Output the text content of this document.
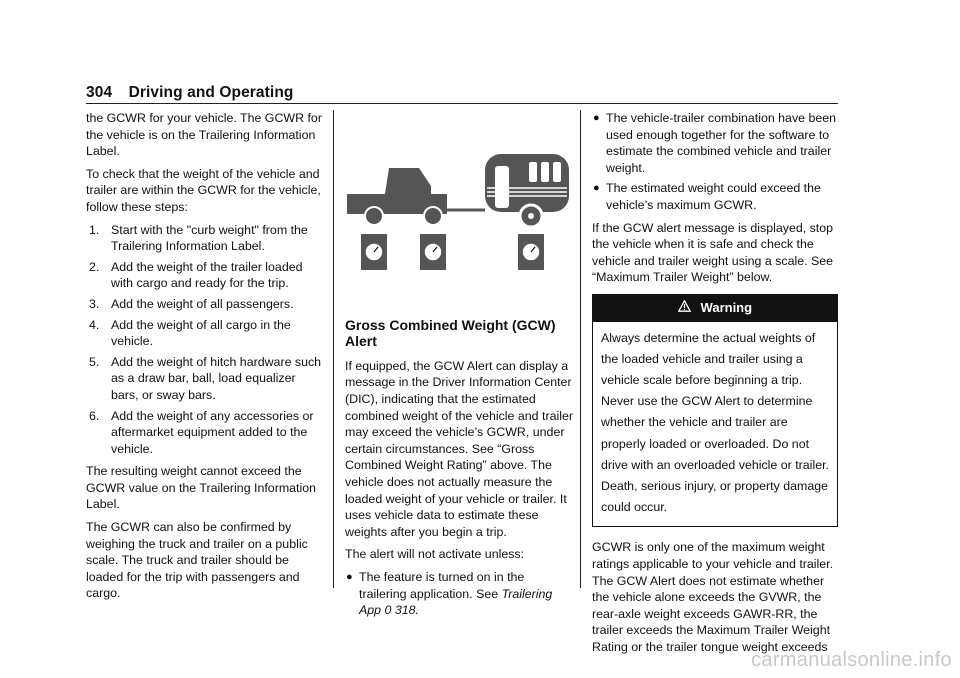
304 Driving and Operating

the GCWR for your vehicle. The GCWR for the vehicle is on the Trailering Information Label.

To check that the weight of the vehicle and trailer are within the GCWR for the vehicle, follow these steps:

1. Start with the "curb weight" from the Trailering Information Label.
2. Add the weight of the trailer loaded with cargo and ready for the trip.
3. Add the weight of all passengers.
4. Add the weight of all cargo in the vehicle.
5. Add the weight of hitch hardware such as a draw bar, ball, load equalizer bars, or sway bars.
6. Add the weight of any accessories or aftermarket equipment added to the vehicle.

The resulting weight cannot exceed the GCWR value on the Trailering Information Label.

The GCWR can also be confirmed by weighing the truck and trailer on a public scale. The truck and trailer should be loaded for the trip with passengers and cargo.

Gross Combined Weight (GCW) Alert

If equipped, the GCW Alert can display a message in the Driver Information Center (DIC), indicating that the estimated combined weight of the vehicle and trailer may exceed the vehicle’s GCWR, under certain circumstances. See “Gross Combined Weight Rating” above. The vehicle does not actually measure the loaded weight of your vehicle or trailer. It uses vehicle data to estimate these weights after you begin a trip.

The alert will not activate unless:

● The feature is turned on in the trailering application. See Trailering App 0 318.
● The vehicle-trailer combination have been used enough together for the software to estimate the combined vehicle and trailer weight.
● The estimated weight could exceed the vehicle’s maximum GCWR.

If the GCW alert message is displayed, stop the vehicle when it is safe and check the vehicle and trailer weight using a scale. See “Maximum Trailer Weight” below.

Warning
Always determine the actual weights of the loaded vehicle and trailer using a vehicle scale before beginning a trip. Never use the GCW Alert to determine whether the vehicle and trailer are properly loaded or overloaded. Do not drive with an overloaded vehicle or trailer. Death, serious injury, or property damage could occur.

GCWR is only one of the maximum weight ratings applicable to your vehicle and trailer. The GCW Alert does not estimate whether the vehicle alone exceeds the GVWR, the rear-axle weight exceeds GAWR-RR, the trailer exceeds the Maximum Trailer Weight Rating or the trailer tongue weight exceeds

carmanualsonline.info
